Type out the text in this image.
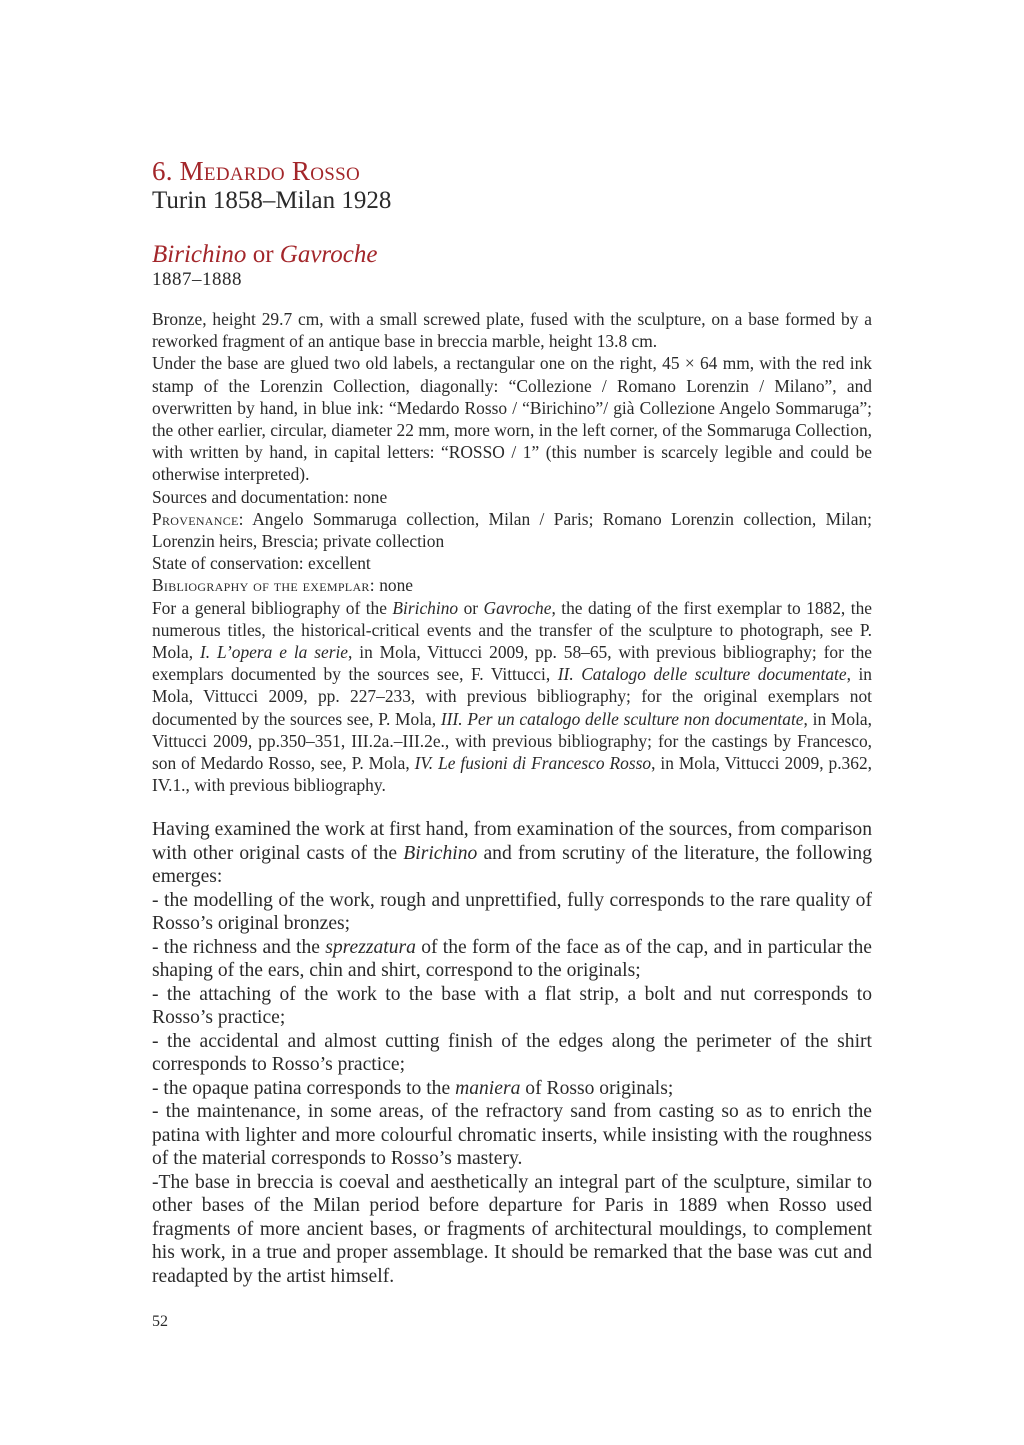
6. Medardo Rosso
Turin 1858–Milan 1928
Birichino or Gavroche
1887–1888

Bronze, height 29.7 cm, with a small screwed plate, fused with the sculpture, on a base formed by a reworked fragment of an antique base in breccia marble, height 13.8 cm.

Under the base are glued two old labels, a rectangular one on the right, 45 × 64 mm, with the red ink stamp of the Lorenzin Collection, diagonally: “Collezione / Romano Lorenzin / Milano”, and overwritten by hand, in blue ink: “Medardo Rosso / “Birichino”/ già Collezione Angelo Sommaruga”; the other earlier, circular, diameter 22 mm, more worn, in the left corner, of the Sommaruga Collection, with written by hand, in capital letters: “ROSSO / 1” (this number is scarcely legible and could be otherwise interpreted).

Sources and documentation: none

Provenance: Angelo Sommaruga collection, Milan / Paris; Romano Lorenzin collection, Milan; Lorenzin heirs, Brescia; private collection

State of conservation: excellent

Bibliography of the exemplar: none

For a general bibliography of the Birichino or Gavroche, the dating of the first exemplar to 1882, the numerous titles, the historical-critical events and the transfer of the sculpture to photograph, see P. Mola, I. L’opera e la serie, in Mola, Vittucci 2009, pp. 58–65, with previous bibliography; for the exemplars documented by the sources see, F. Vittucci, II. Catalogo delle sculture documentate, in Mola, Vittucci 2009, pp. 227–233, with previous bibliography; for the original exemplars not documented by the sources see, P. Mola, III. Per un catalogo delle sculture non documentate, in Mola, Vittucci 2009, pp.350–351, III.2a.–III.2e., with previous bibliography; for the castings by Francesco, son of Medardo Rosso, see, P. Mola, IV. Le fusioni di Francesco Rosso, in Mola, Vittucci 2009, p.362, IV.1., with previous bibliography.

Having examined the work at first hand, from examination of the sources, from comparison with other original casts of the Birichino and from scrutiny of the literature, the following emerges:

- the modelling of the work, rough and unprettified, fully corresponds to the rare quality of Rosso’s original bronzes;

- the richness and the sprezzatura of the form of the face as of the cap, and in particular the shaping of the ears, chin and shirt, correspond to the originals;

- the attaching of the work to the base with a flat strip, a bolt and nut corresponds to Rosso’s practice;

- the accidental and almost cutting finish of the edges along the perimeter of the shirt corresponds to Rosso’s practice;

- the opaque patina corresponds to the maniera of Rosso originals;

- the maintenance, in some areas, of the refractory sand from casting so as to enrich the patina with lighter and more colourful chromatic inserts, while insisting with the roughness of the material corresponds to Rosso’s mastery.

-The base in breccia is coeval and aesthetically an integral part of the sculpture, similar to other bases of the Milan period before departure for Paris in 1889 when Rosso used fragments of more ancient bases, or fragments of architectural mouldings, to complement his work, in a true and proper assemblage. It should be remarked that the base was cut and readapted by the artist himself.

52
